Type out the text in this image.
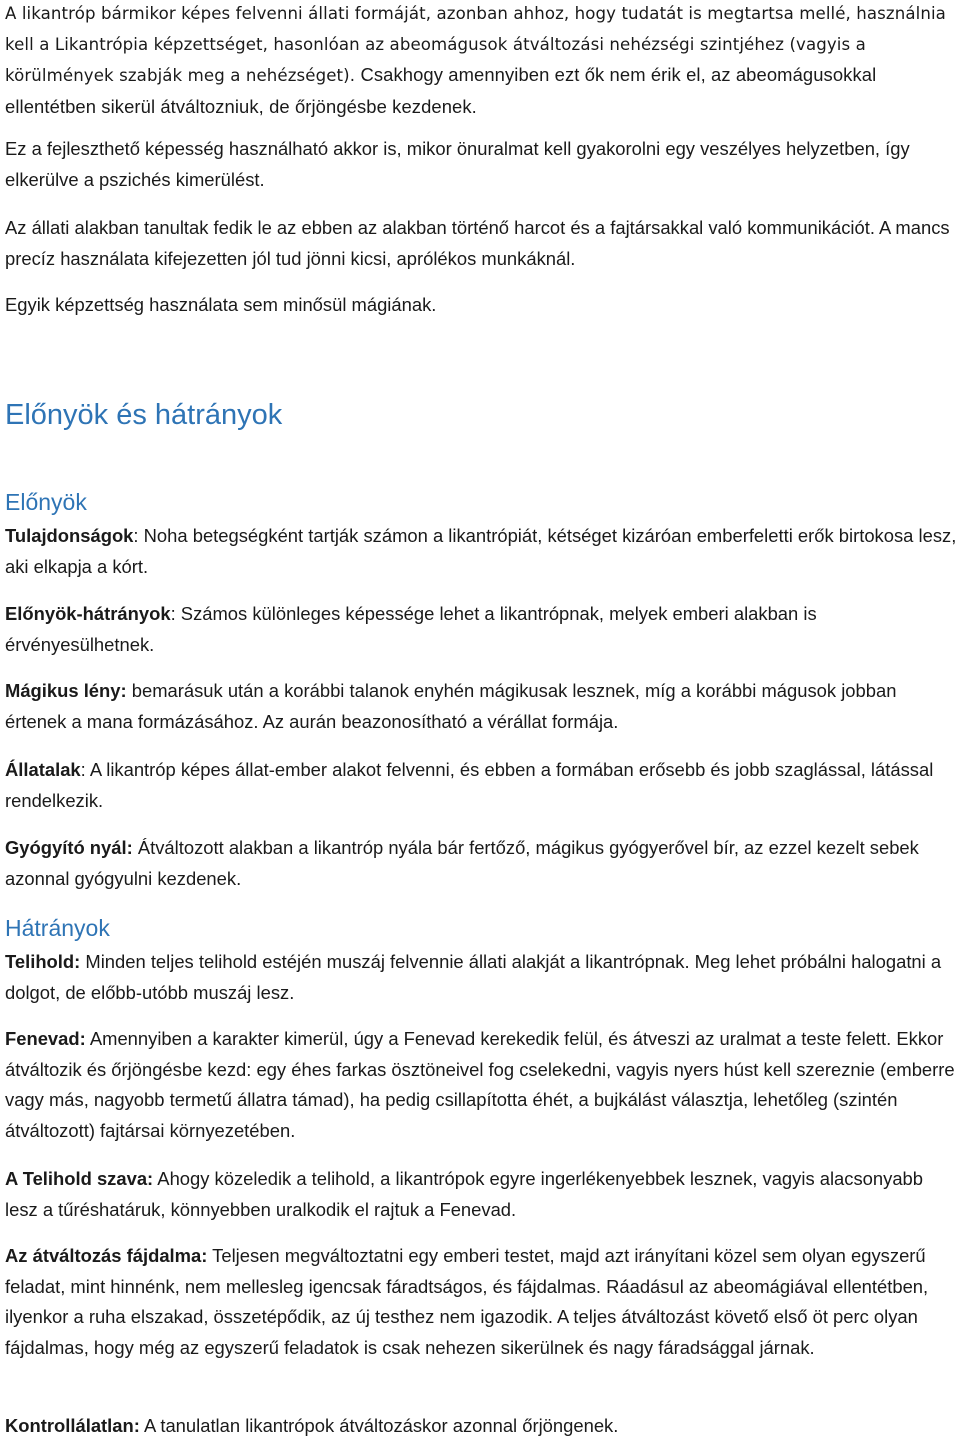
A likantróp bármikor képes felvenni állati formáját, azonban ahhoz, hogy tudatát is megtartsa mellé, használnia kell a Likantrópia képzettséget, hasonlóan az abeomágusok átváltozási nehézségi szintjéhez (vagyis a körülmények szabják meg a nehézséget). Csakhogy amennyiben ezt ők nem érik el, az abeomágusokkal ellentétben sikerül átváltozniuk, de őrjöngésbe kezdenek.

Ez a fejleszthető képesség használható akkor is, mikor önuralmat kell gyakorolni egy veszélyes helyzetben, így elkerülve a pszichés kimerülést.

Az állati alakban tanultak fedik le az ebben az alakban történő harcot és a fajtársakkal való kommunikációt. A mancs precíz használata kifejezetten jól tud jönni kicsi, aprólékos munkáknál.

Egyik képzettség használata sem minősül mágiának.

Előnyök és hátrányok
Előnyök

Tulajdonságok: Noha betegségként tartják számon a likantrópiát, kétséget kizáróan emberfeletti erők birtokosa lesz, aki elkapja a kórt.

Előnyök-hátrányok: Számos különleges képessége lehet a likantrópnak, melyek emberi alakban is érvényesülhetnek.

Mágikus lény: bemarásuk után a korábbi talanok enyhén mágikusak lesznek, míg a korábbi mágusok jobban értenek a mana formázásához. Az aurán beazonosítható a vérállat formája.

Állatalak: A likantróp képes állat-ember alakot felvenni, és ebben a formában erősebb és jobb szaglással, látással rendelkezik.

Gyógyító nyál: Átváltozott alakban a likantróp nyála bár fertőző, mágikus gyógyerővel bír, az ezzel kezelt sebek azonnal gyógyulni kezdenek.

Hátrányok

Telihold: Minden teljes telihold estéjén muszáj felvennie állati alakját a likantrópnak. Meg lehet próbálni halogatni a dolgot, de előbb-utóbb muszáj lesz.

Fenevad: Amennyiben a karakter kimerül, úgy a Fenevad kerekedik felül, és átveszi az uralmat a teste felett. Ekkor átváltozik és őrjöngésbe kezd: egy éhes farkas ösztöneivel fog cselekedni, vagyis nyers húst kell szereznie (emberre vagy más, nagyobb termetű állatra támad), ha pedig csillapította éhét, a bujkálást választja, lehetőleg (szintén átváltozott) fajtársai környezetében.

A Telihold szava: Ahogy közeledik a telihold, a likantrópok egyre ingerlékenyebbek lesznek, vagyis alacsonyabb lesz a tűréshatáruk, könnyebben uralkodik el rajtuk a Fenevad.

Az átváltozás fájdalma: Teljesen megváltoztatni egy emberi testet, majd azt irányítani közel sem olyan egyszerű feladat, mint hinnénk, nem mellesleg igencsak fáradtságos, és fájdalmas. Ráadásul az abeomágiával ellentétben, ilyenkor a ruha elszakad, összetépődik, az új testhez nem igazodik. A teljes átváltozást követő első öt perc olyan fájdalmas, hogy még az egyszerű feladatok is csak nehezen sikerülnek és nagy fáradsággal járnak.

Kontrollálatlan: A tanulatlan likantrópok átváltozáskor azonnal őrjöngenek.
